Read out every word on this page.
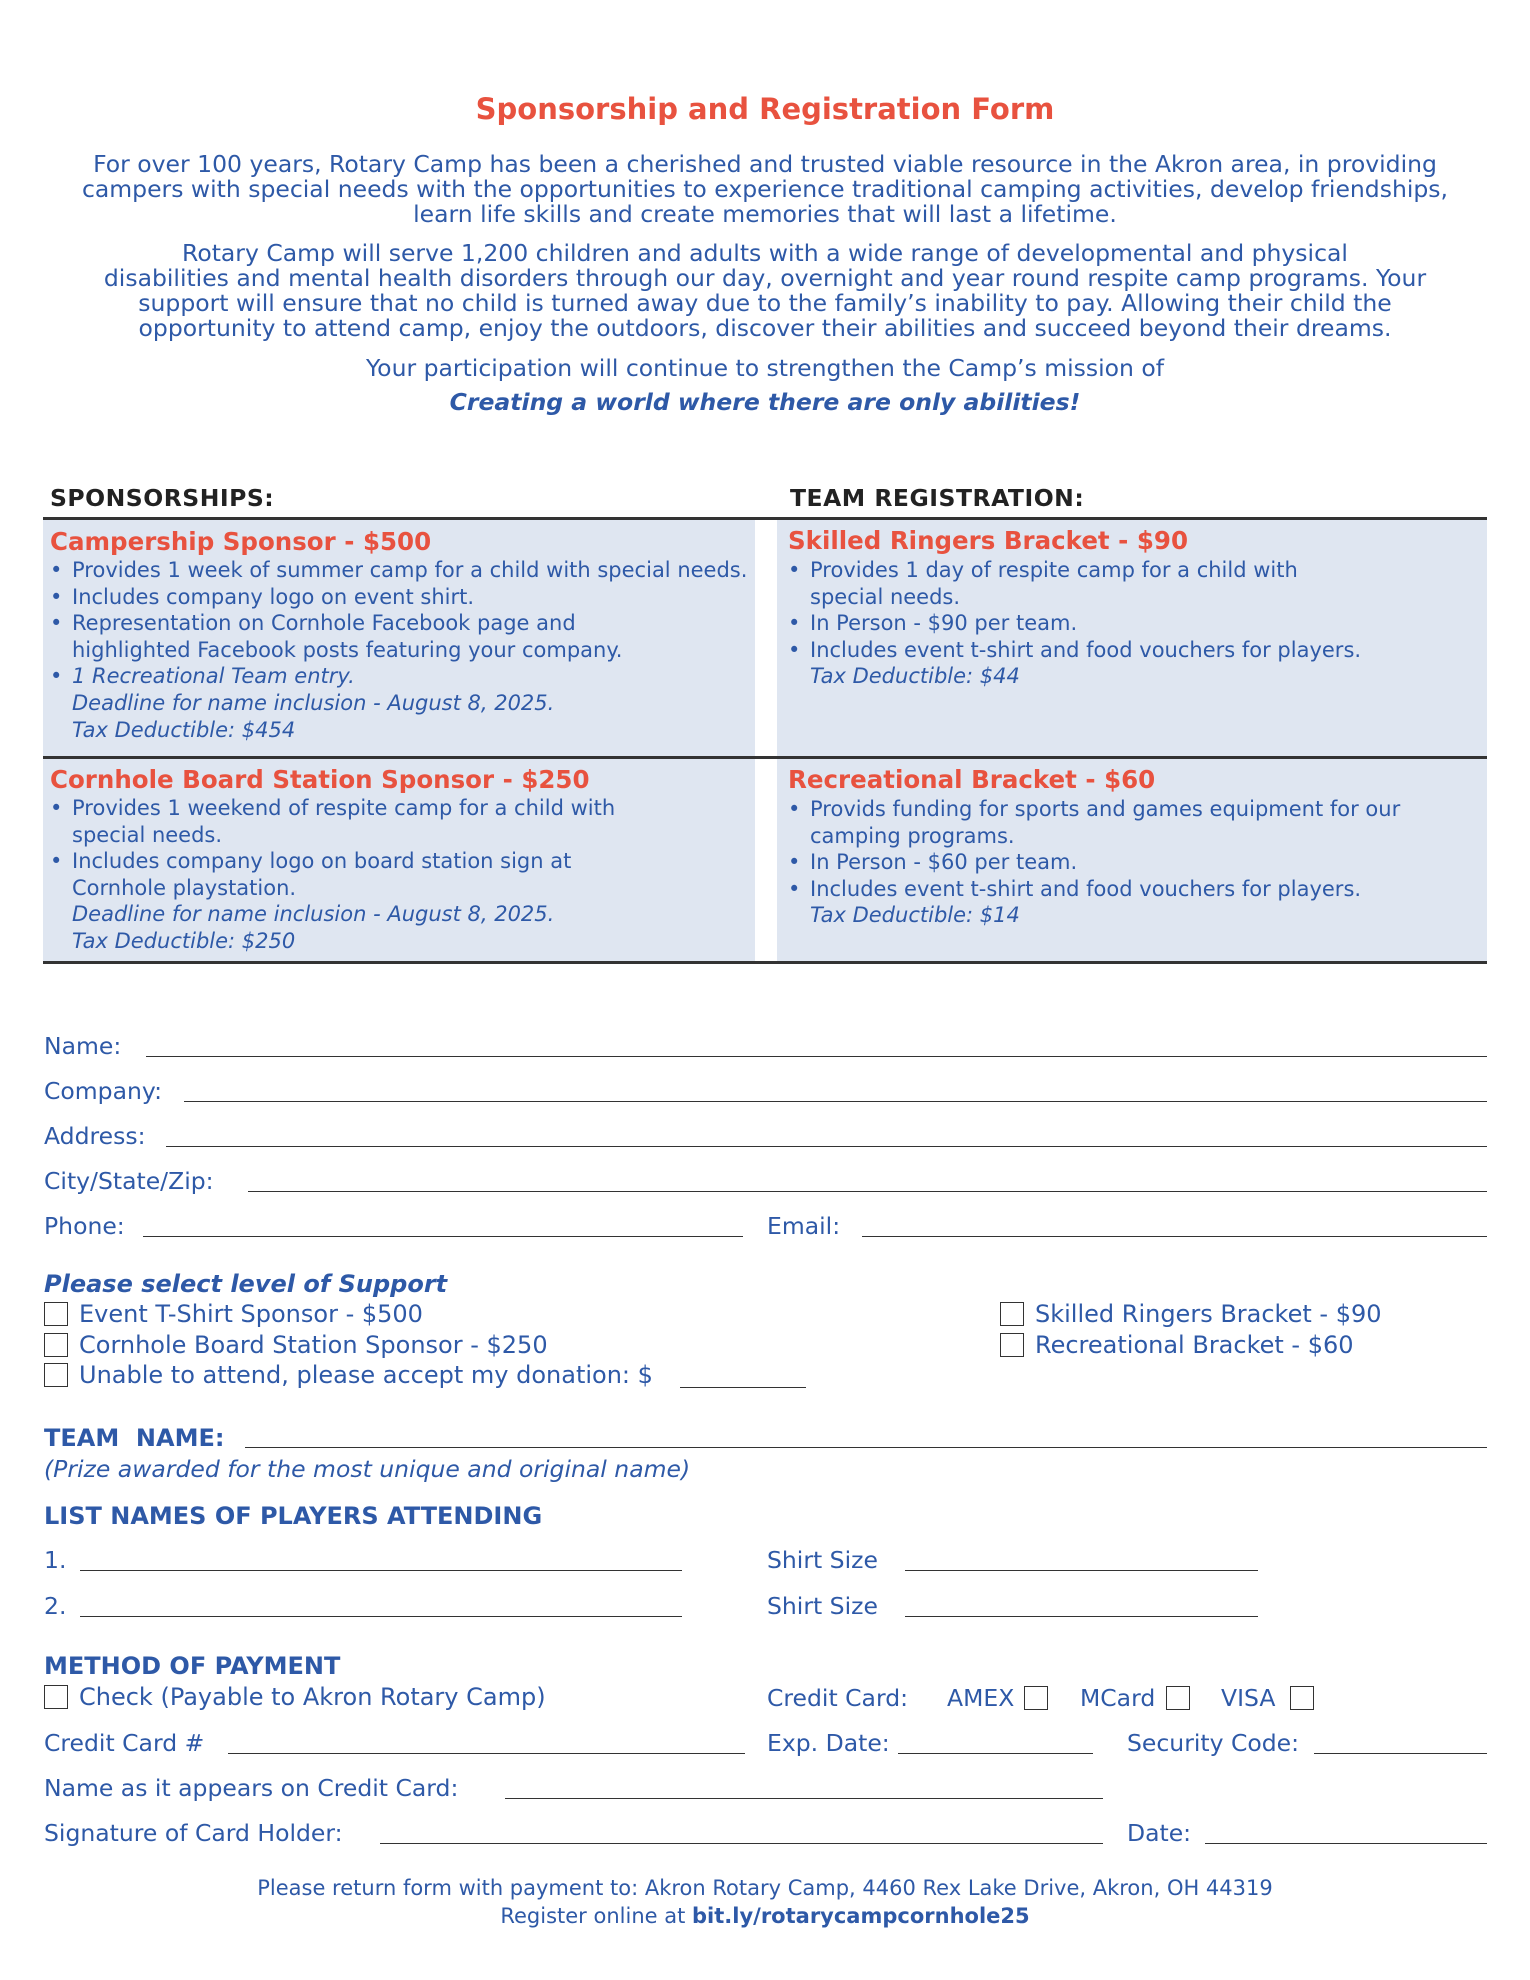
Sponsorship and Registration Form
For over 100 years, Rotary Camp has been a cherished and trusted viable resource in the Akron area, in providing
campers with special needs with the opportunities to experience traditional camping activities, develop friendships,
learn life skills and create memories that will last a lifetime.
Rotary Camp will serve 1,200 children and adults with a wide range of developmental and physical
disabilities and mental health disorders through our day, overnight and year round respite camp programs. Your
support will ensure that no child is turned away due to the family’s inability to pay. Allowing their child the
opportunity to attend camp, enjoy the outdoors, discover their abilities and succeed beyond their dreams.
Your participation will continue to strengthen the Camp’s mission of
Creating a world where there are only abilities!
SPONSORSHIPS:	TEAM REGISTRATION:
Campership Sponsor - $500
• Provides 1 week of summer camp for a child with special needs.
• Includes company logo on event shirt.
• Representation on Cornhole Facebook page and
highlighted Facebook posts featuring your company.
• 1 Recreational Team entry.
Deadline for name inclusion - August 8, 2025.
Tax Deductible: $454
Skilled Ringers Bracket - $90
• Provides 1 day of respite camp for a child with
special needs.
• In Person - $90 per team.
• Includes event t-shirt and food vouchers for players.
Tax Deductible: $44
Cornhole Board Station Sponsor - $250
• Provides 1 weekend of respite camp for a child with
special needs.
• Includes company logo on board station sign at
Cornhole playstation.
Deadline for name inclusion - August 8, 2025.
Tax Deductible: $250
Recreational Bracket - $60
• Provids funding for sports and games equipment for our
camping programs.
• In Person - $60 per team.
• Includes event t-shirt and food vouchers for players.
Tax Deductible: $14
Name:
Company:
Address:
City/State/Zip:
Phone:	Email:
Please select level of Support
Event T-Shirt Sponsor - $500
Cornhole Board Station Sponsor - $250
Unable to attend, please accept my donation: $
Skilled Ringers Bracket - $90
Recreational Bracket - $60
TEAM  NAME:
(Prize awarded for the most unique and original name)
LIST NAMES OF PLAYERS ATTENDING
1.	Shirt Size
2.	Shirt Size
METHOD OF PAYMENT
Check (Payable to Akron Rotary Camp)	Credit Card: AMEX	MCard	VISA
Credit Card #	Exp. Date:	Security Code:
Name as it appears on Credit Card:
Signature of Card Holder:	Date:
Please return form with payment to: Akron Rotary Camp, 4460 Rex Lake Drive, Akron, OH 44319
Register online at bit.ly/rotarycampcornhole25
